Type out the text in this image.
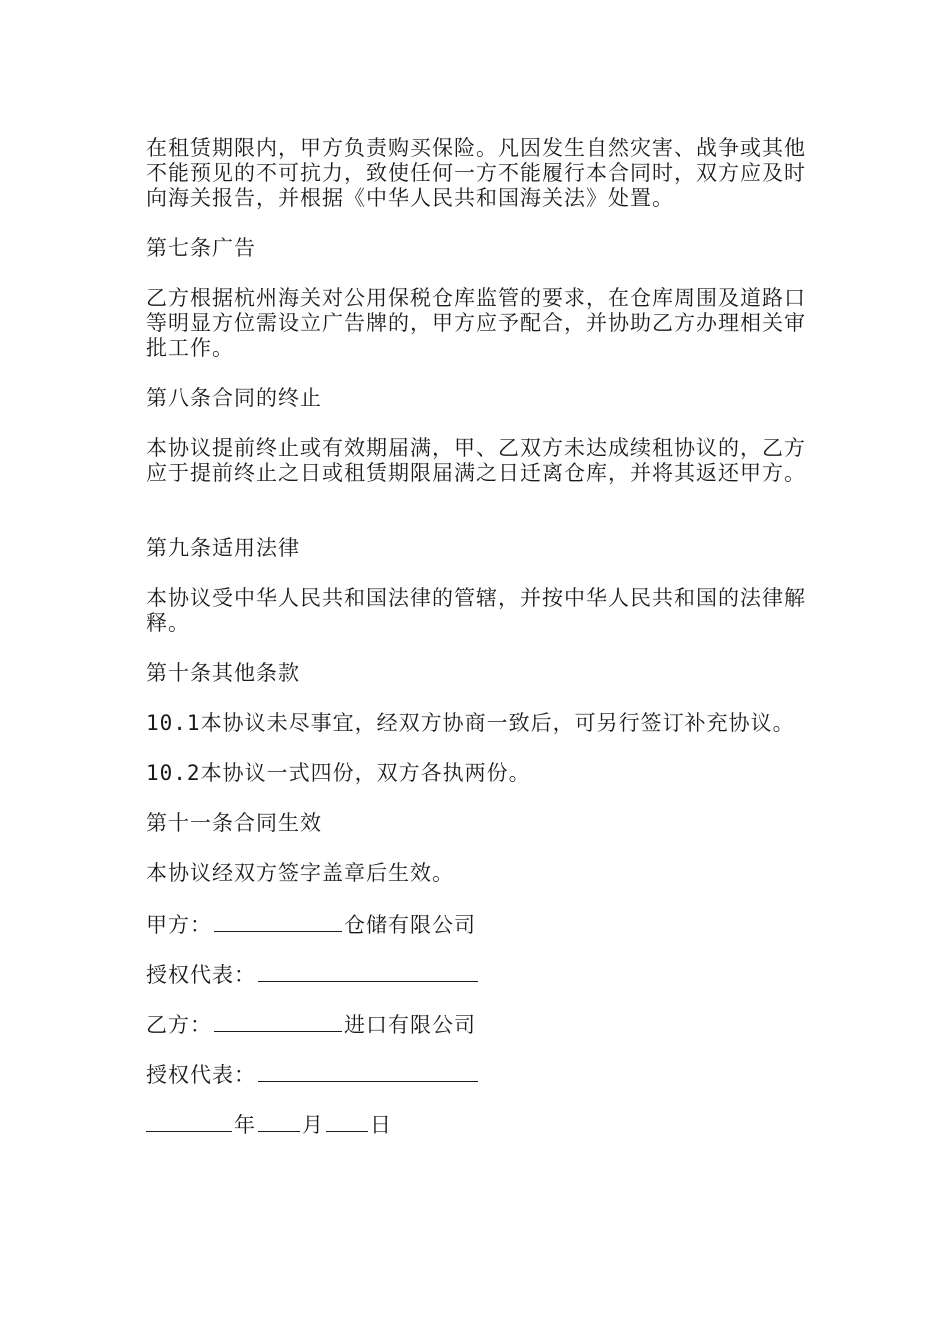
在租赁期限内，甲方负责购买保险。凡因发生自然灾害、战争或其他不能预见的不可抗力，致使任何一方不能履行本合同时，双方应及时向海关报告，并根据《中华人民共和国海关法》处置。

第七条广告

乙方根据杭州海关对公用保税仓库监管的要求，在仓库周围及道路口等明显方位需设立广告牌的，甲方应予配合，并协助乙方办理相关审批工作。

第八条合同的终止

本协议提前终止或有效期届满，甲、乙双方未达成续租协议的，乙方应于提前终止之日或租赁期限届满之日迁离仓库，并将其返还甲方。

第九条适用法律

本协议受中华人民共和国法律的管辖，并按中华人民共和国的法律解释。

第十条其他条款

10.1本协议未尽事宜，经双方协商一致后，可另行签订补充协议。

10.2本协议一式四份，双方各执两份。

第十一条合同生效

本协议经双方签字盖章后生效。

甲方：	仓储有限公司
授权代表：
乙方：	进口有限公司
授权代表：
年 月 日
